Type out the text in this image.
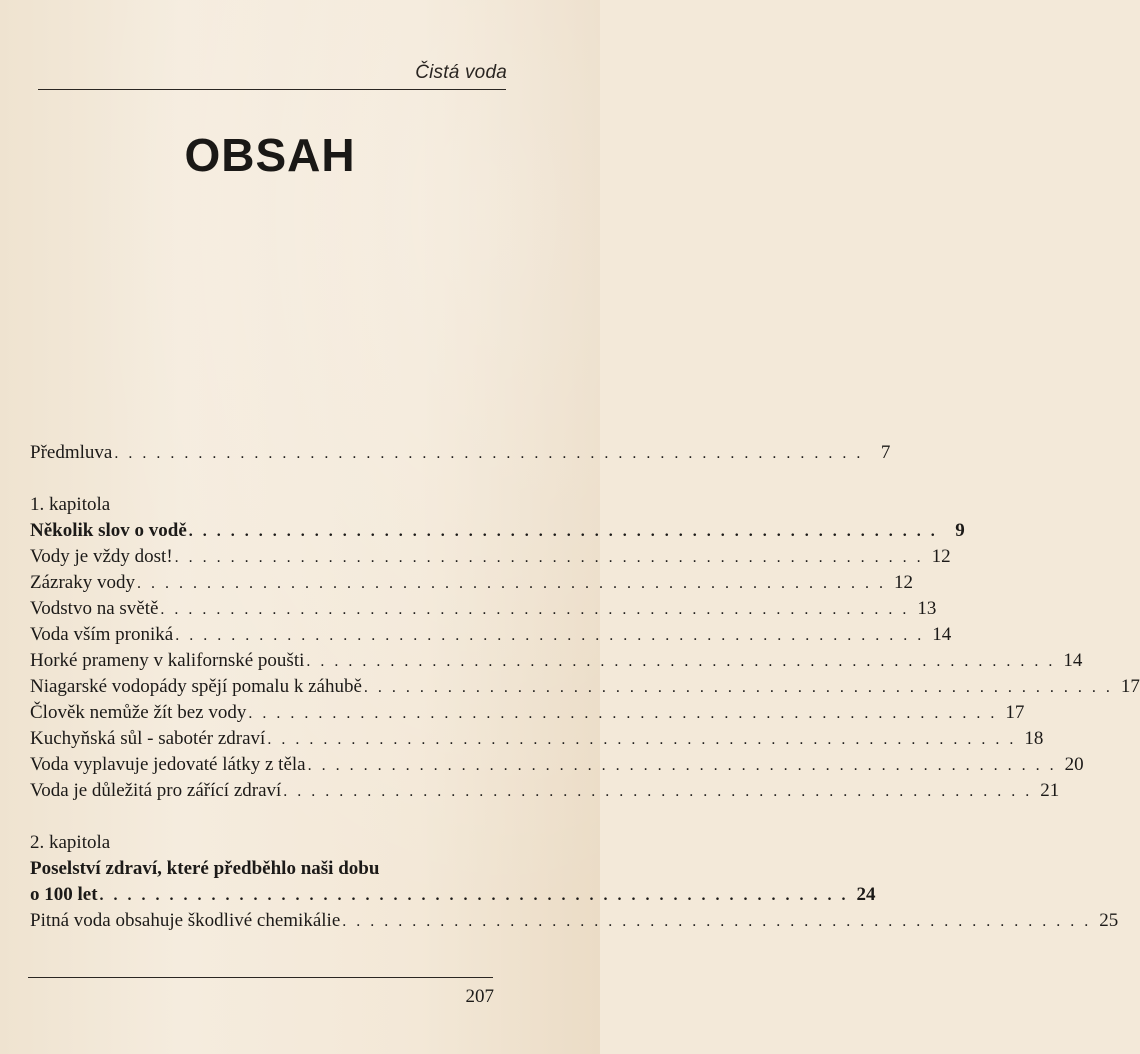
Čistá voda
OBSAH
Předmluva . . . . . . . . . . . . . . . . . . . . . . . . . . . . . . . . . . . . . . . . . . . . . . . . . . . . . . 7
1. kapitola
Několik slov o vodě . . . . . . . . . . . . . . . . . . . . . . . . . . . . . . . . . . . . . . . . . . . . . . . . . . . . . . 9
Vody je vždy dost! . . . . . . . . . . . . . . . . . . . . . . . . . . . . . . . . . . . . . . . . . . . . . . . . . . . . . . 12
Zázraky vody . . . . . . . . . . . . . . . . . . . . . . . . . . . . . . . . . . . . . . . . . . . . . . . . . . . . . . 12
Vodstvo na světě . . . . . . . . . . . . . . . . . . . . . . . . . . . . . . . . . . . . . . . . . . . . . . . . . . . . . . 13
Voda vším proniká . . . . . . . . . . . . . . . . . . . . . . . . . . . . . . . . . . . . . . . . . . . . . . . . . . . . . . 14
Horké prameny v kalifornské poušti . . . . . . . . . . . . . . . . . . . . . . . . . . . . . . . . . . . . . . . . . . . . . . . . . . . . . . 14
Niagarské vodopády spějí pomalu k záhubě . . . . . . . . . . . . . . . . . . . . . . . . . . . . . . . . . . . . . . . . . . . . . . . . . . . . . . 17
Člověk nemůže žít bez vody . . . . . . . . . . . . . . . . . . . . . . . . . . . . . . . . . . . . . . . . . . . . . . . . . . . . . . 17
Kuchyňská sůl - sabotér zdraví . . . . . . . . . . . . . . . . . . . . . . . . . . . . . . . . . . . . . . . . . . . . . . . . . . . . . . 18
Voda vyplavuje jedovaté látky z těla . . . . . . . . . . . . . . . . . . . . . . . . . . . . . . . . . . . . . . . . . . . . . . . . . . . . . . 20
Voda je důležitá pro zářící zdraví . . . . . . . . . . . . . . . . . . . . . . . . . . . . . . . . . . . . . . . . . . . . . . . . . . . . . . 21
2. kapitola
Poselství zdraví, které předběhlo naši dobu
o 100 let . . . . . . . . . . . . . . . . . . . . . . . . . . . . . . . . . . . . . . . . . . . . . . . . . . . . . . 24
Pitná voda obsahuje škodlivé chemikálie . . . . . . . . . . . . . . . . . . . . . . . . . . . . . . . . . . . . . . . . . . . . . . . . . . . . . . 25
207
